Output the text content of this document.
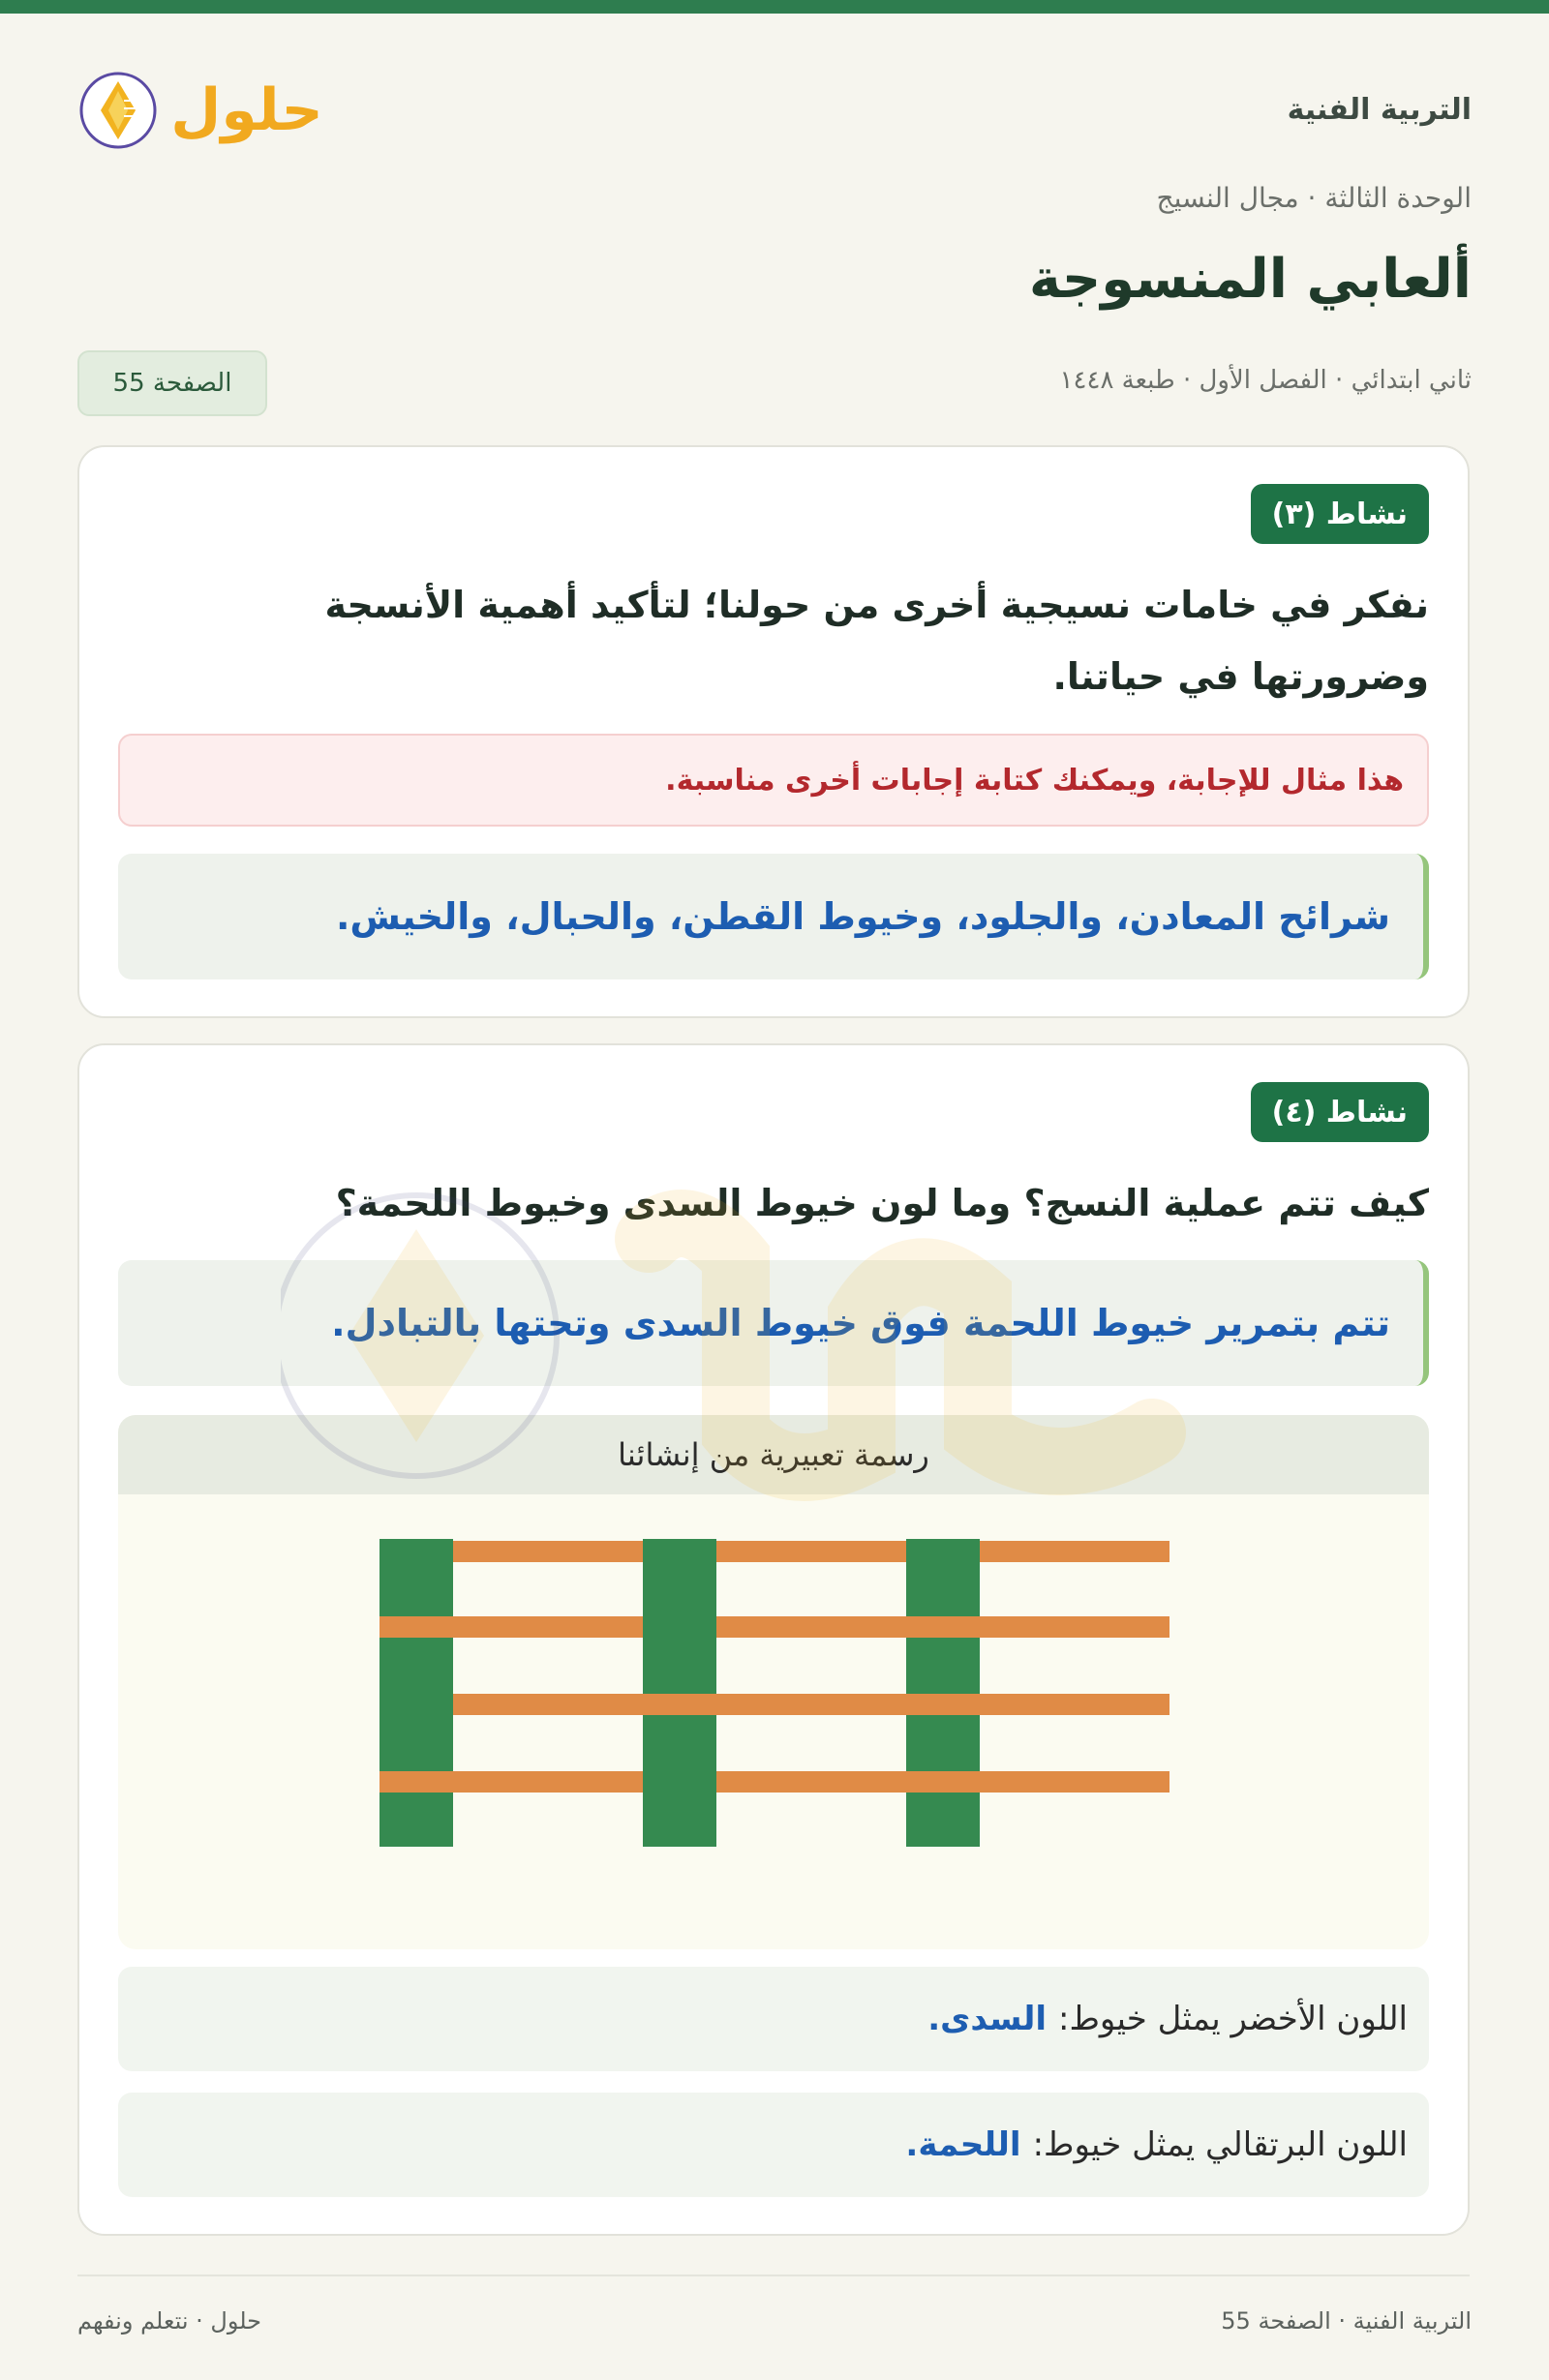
التربية الفنية
حلول
الوحدة الثالثة · مجال النسيج
ألعابي المنسوجة
ثاني ابتدائي · الفصل الأول · طبعة ١٤٤٨
الصفحة 55
نشاط (٣)
نفكر في خامات نسيجية أخرى من حولنا؛ لتأكيد أهمية الأنسجة
وضرورتها في حياتنا.
هذا مثال للإجابة، ويمكنك كتابة إجابات أخرى مناسبة.
شرائح المعادن، والجلود، وخيوط القطن، والحبال، والخيش.
نشاط (٤)
كيف تتم عملية النسج؟ وما لون خيوط السدى وخيوط اللحمة؟
تتم بتمرير خيوط اللحمة فوق خيوط السدى وتحتها بالتبادل.
رسمة تعبيرية من إنشائنا
اللون الأخضر يمثل خيوط:
السدى.
اللون البرتقالي يمثل خيوط:
اللحمة.
التربية الفنية · الصفحة 55
حلول · نتعلم ونفهم
